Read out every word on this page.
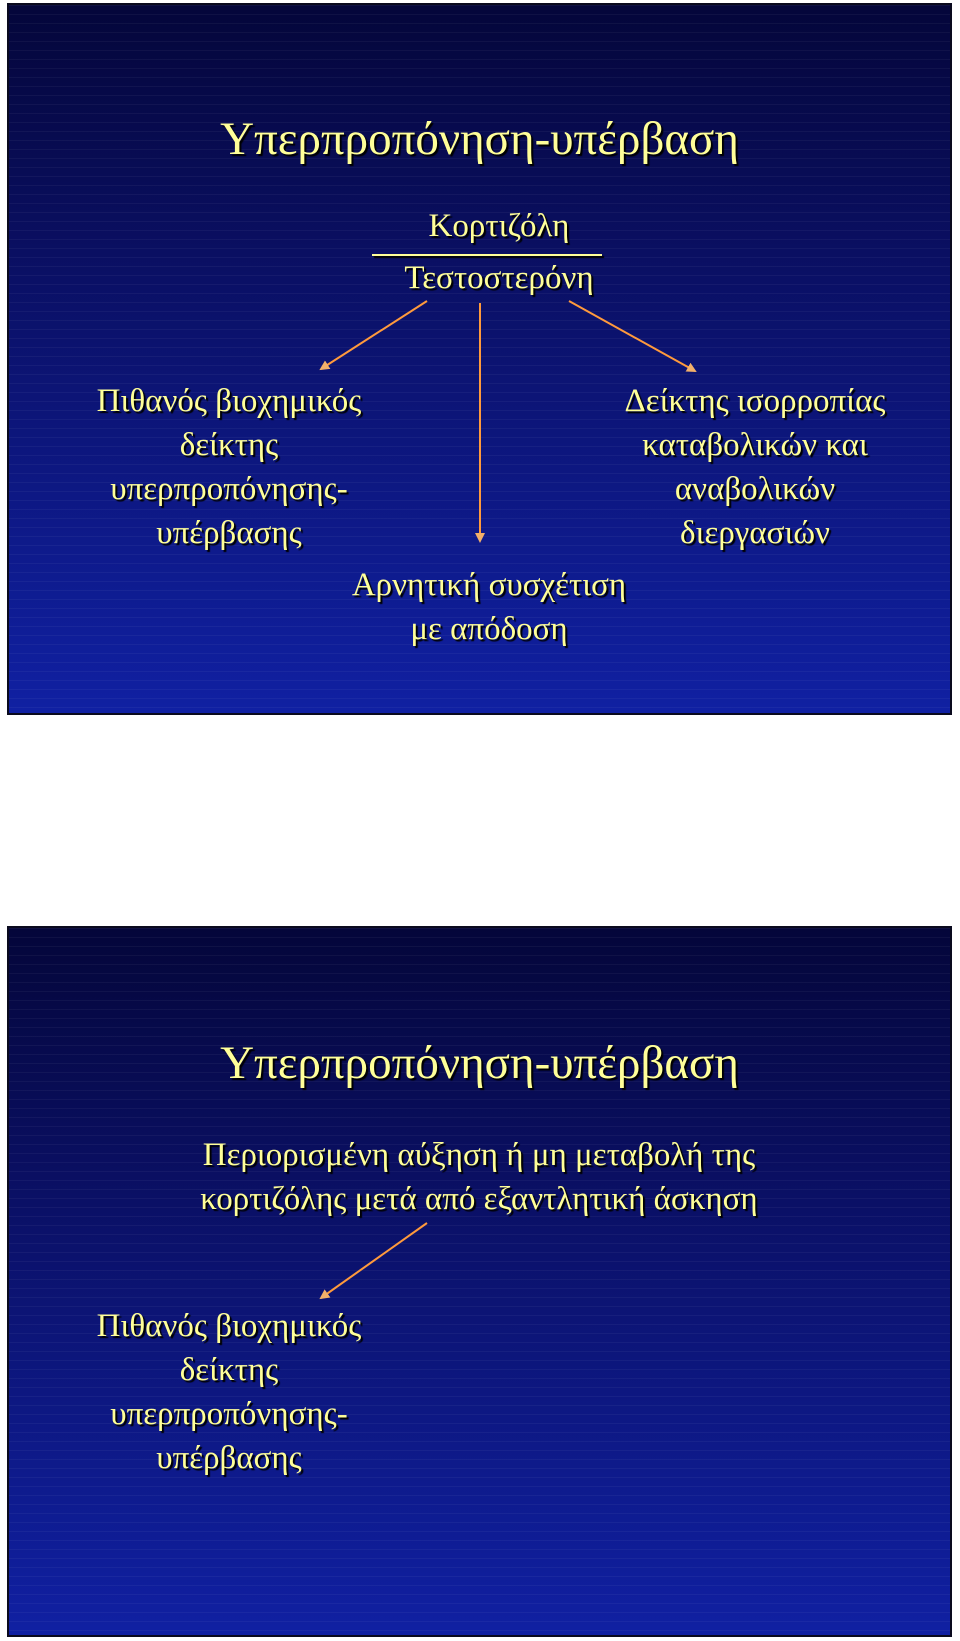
Υπερπροπόνηση-υπέρβαση
Κορτιζόλη
Τεστοστερόνη
Πιθανός βιοχημικός
δείκτης
υπερπροπόνησης-
υπέρβασης
Δείκτης ισορροπίας
καταβολικών και
αναβολικών
διεργασιών
Αρνητική συσχέτιση
με απόδοση
Υπερπροπόνηση-υπέρβαση
Περιορισμένη αύξηση ή μη μεταβολή της
κορτιζόλης μετά από εξαντλητική άσκηση
Πιθανός βιοχημικός
δείκτης
υπερπροπόνησης-
υπέρβασης
